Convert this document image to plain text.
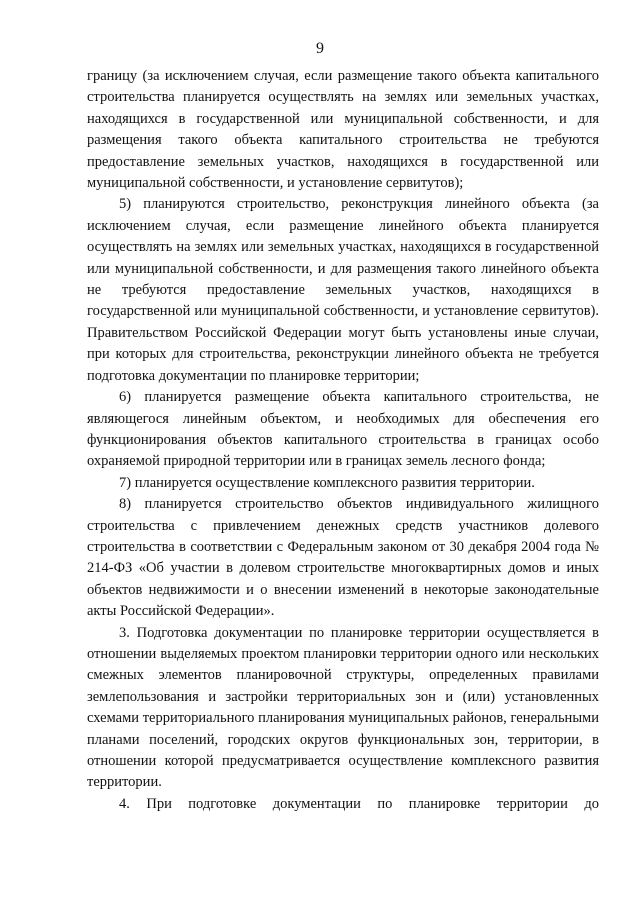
9

границу (за исключением случая, если размещение такого объекта капитального строительства планируется осуществлять на землях или земельных участках, находящихся в государственной или муниципальной собственности, и для размещения такого объекта капитального строительства не требуются предоставление земельных участков, находящихся в государственной или муниципальной собственности, и установление сервитутов);

5) планируются строительство, реконструкция линейного объекта (за исключением случая, если размещение линейного объекта планируется осуществлять на землях или земельных участках, находящихся в государственной или муниципальной собственности, и для размещения такого линейного объекта не требуются предоставление земельных участков, находящихся в государственной или муниципальной собственности, и установление сервитутов). Правительством Российской Федерации могут быть установлены иные случаи, при которых для строительства, реконструкции линейного объекта не требуется подготовка документации по планировке территории;

6) планируется размещение объекта капитального строительства, не являющегося линейным объектом, и необходимых для обеспечения его функционирования объектов капитального строительства в границах особо охраняемой природной территории или в границах земель лесного фонда;

7) планируется осуществление комплексного развития территории.

8) планируется строительство объектов индивидуального жилищного строительства с привлечением денежных средств участников долевого строительства в соответствии с Федеральным законом от 30 декабря 2004 года № 214-ФЗ «Об участии в долевом строительстве многоквартирных домов и иных объектов недвижимости и о внесении изменений в некоторые законодательные акты Российской Федерации».

3. Подготовка документации по планировке территории осуществляется в отношении выделяемых проектом планировки территории одного или нескольких смежных элементов планировочной структуры, определенных правилами землепользования и застройки территориальных зон и (или) установленных схемами территориального планирования муниципальных районов, генеральными планами поселений, городских округов функциональных зон, территории, в отношении которой предусматривается осуществление комплексного развития территории.

4. При подготовке документации по планировке территории до
